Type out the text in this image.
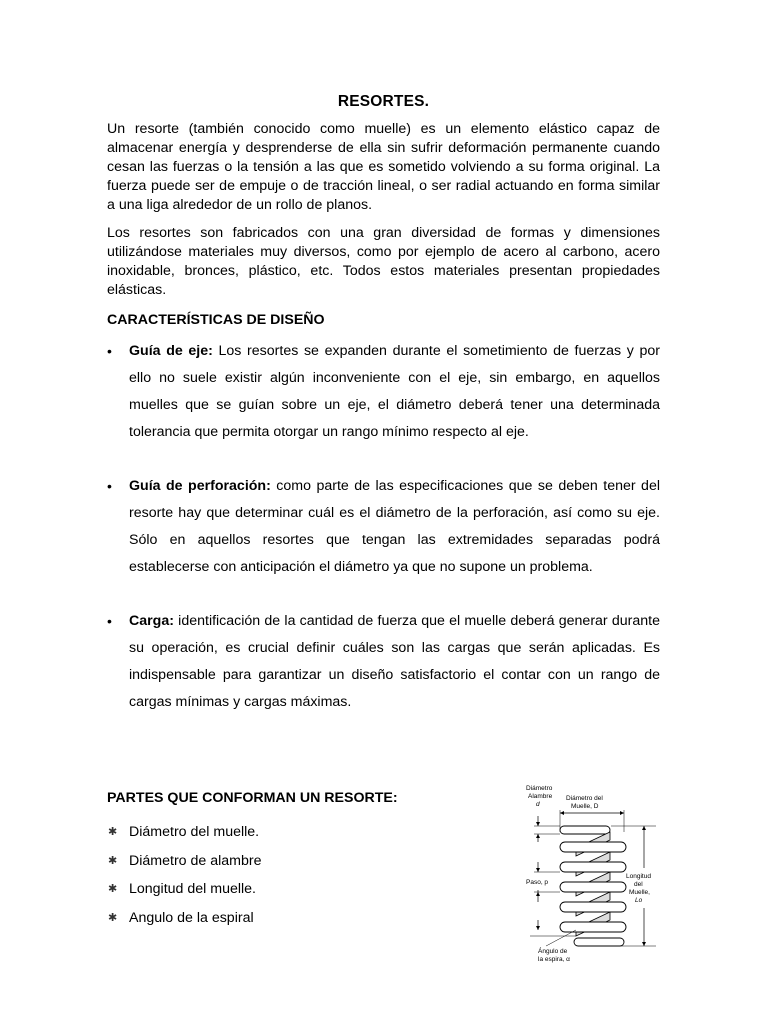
RESORTES.

Un resorte (también conocido como muelle) es un elemento elástico capaz de almacenar energía y desprenderse de ella sin sufrir deformación permanente cuando cesan las fuerzas o la tensión a las que es sometido volviendo a su forma original. La fuerza puede ser de empuje o de tracción lineal, o ser radial actuando en forma similar a una liga alrededor de un rollo de planos.

Los resortes son fabricados con una gran diversidad de formas y dimensiones utilizándose materiales muy diversos, como por ejemplo de acero al carbono, acero inoxidable, bronces, plástico, etc. Todos estos materiales presentan propiedades elásticas.

CARACTERÍSTICAS DE DISEÑO
• Guía de eje: Los resortes se expanden durante el sometimiento de fuerzas y por ello no suele existir algún inconveniente con el eje, sin embargo, en aquellos muelles que se guían sobre un eje, el diámetro deberá tener una determinada tolerancia que permita otorgar un rango mínimo respecto al eje.
• Guía de perforación: como parte de las especificaciones que se deben tener del resorte hay que determinar cuál es el diámetro de la perforación, así como su eje. Sólo en aquellos resortes que tengan las extremidades separadas podrá establecerse con anticipación el diámetro ya que no supone un problema.
• Carga: identificación de la cantidad de fuerza que el muelle deberá generar durante su operación, es crucial definir cuáles son las cargas que serán aplicadas. Es indispensable para garantizar un diseño satisfactorio el contar con un rango de cargas mínimas y cargas máximas.
PARTES QUE CONFORMAN UN RESORTE:
✱ Diámetro del muelle.
✱ Diámetro de alambre
✱ Longitud del muelle.
✱ Angulo de la espiral
Diámetro
Alambre
d
Diámetro del
Muelle, D
Paso, p
Longitud
del
Muelle,
Lo
Ángulo de
la espira, α
